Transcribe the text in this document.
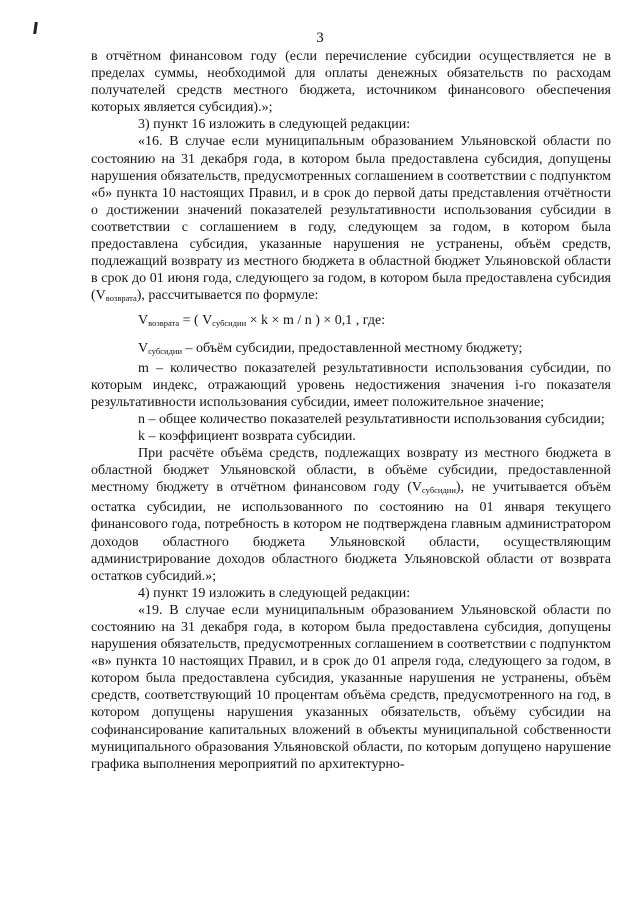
3

в отчётном финансовом году (если перечисление субсидии осуществляется не в пределах суммы, необходимой для оплаты денежных обязательств по расходам получателей средств местного бюджета, источником финансового обеспечения которых является субсидия).»;

3) пункт 16 изложить в следующей редакции:

«16. В случае если муниципальным образованием Ульяновской области по состоянию на 31 декабря года, в котором была предоставлена субсидия, допущены нарушения обязательств, предусмотренных соглашением в соответствии с подпунктом «б» пункта 10 настоящих Правил, и в срок до первой даты представления отчётности о достижении значений показателей результативности использования субсидии в соответствии с соглашением в году, следующем за годом, в котором была предоставлена субсидия, указанные нарушения не устранены, объём средств, подлежащий возврату из местного бюджета в областной бюджет Ульяновской области в срок до 01 июня года, следующего за годом, в котором была предоставлена субсидия $(V_{возврата})$, рассчитывается по формуле:

$V_{возврата}$ = ( $V_{субсидии} \times k \times m / n$ ) × 0,1 , где:

$V_{субсидии}$ – объём субсидии, предоставленной местному бюджету;

m – количество показателей результативности использования субсидии, по которым индекс, отражающий уровень недостижения значения i-го показателя результативности использования субсидии, имеет положительное значение;

n – общее количество показателей результативности использования субсидии;

k – коэффициент возврата субсидии.

При расчёте объёма средств, подлежащих возврату из местного бюджета в областной бюджет Ульяновской области, в объёме субсидии, предоставленной местному бюджету в отчётном финансовом году $(V_{субсидии})$, не учитывается объём остатка субсидии, не использованного по состоянию на 01 января текущего финансового года, потребность в котором не подтверждена главным администратором доходов областного бюджета Ульяновской области, осуществляющим администрирование доходов областного бюджета Ульяновской области от возврата остатков субсидий.»;

4) пункт 19 изложить в следующей редакции:

«19. В случае если муниципальным образованием Ульяновской области по состоянию на 31 декабря года, в котором была предоставлена субсидия, допущены нарушения обязательств, предусмотренных соглашением в соответствии с подпунктом «в» пункта 10 настоящих Правил, и в срок до 01 апреля года, следующего за годом, в котором была предоставлена субсидия, указанные нарушения не устранены, объём средств, соответствующий 10 процентам объёма средств, предусмотренного на год, в котором допущены нарушения указанных обязательств, объёму субсидии на софинансирование капитальных вложений в объекты муниципальной собственности муниципального образования Ульяновской области, по которым допущено нарушение графика выполнения мероприятий по архитектурно-
